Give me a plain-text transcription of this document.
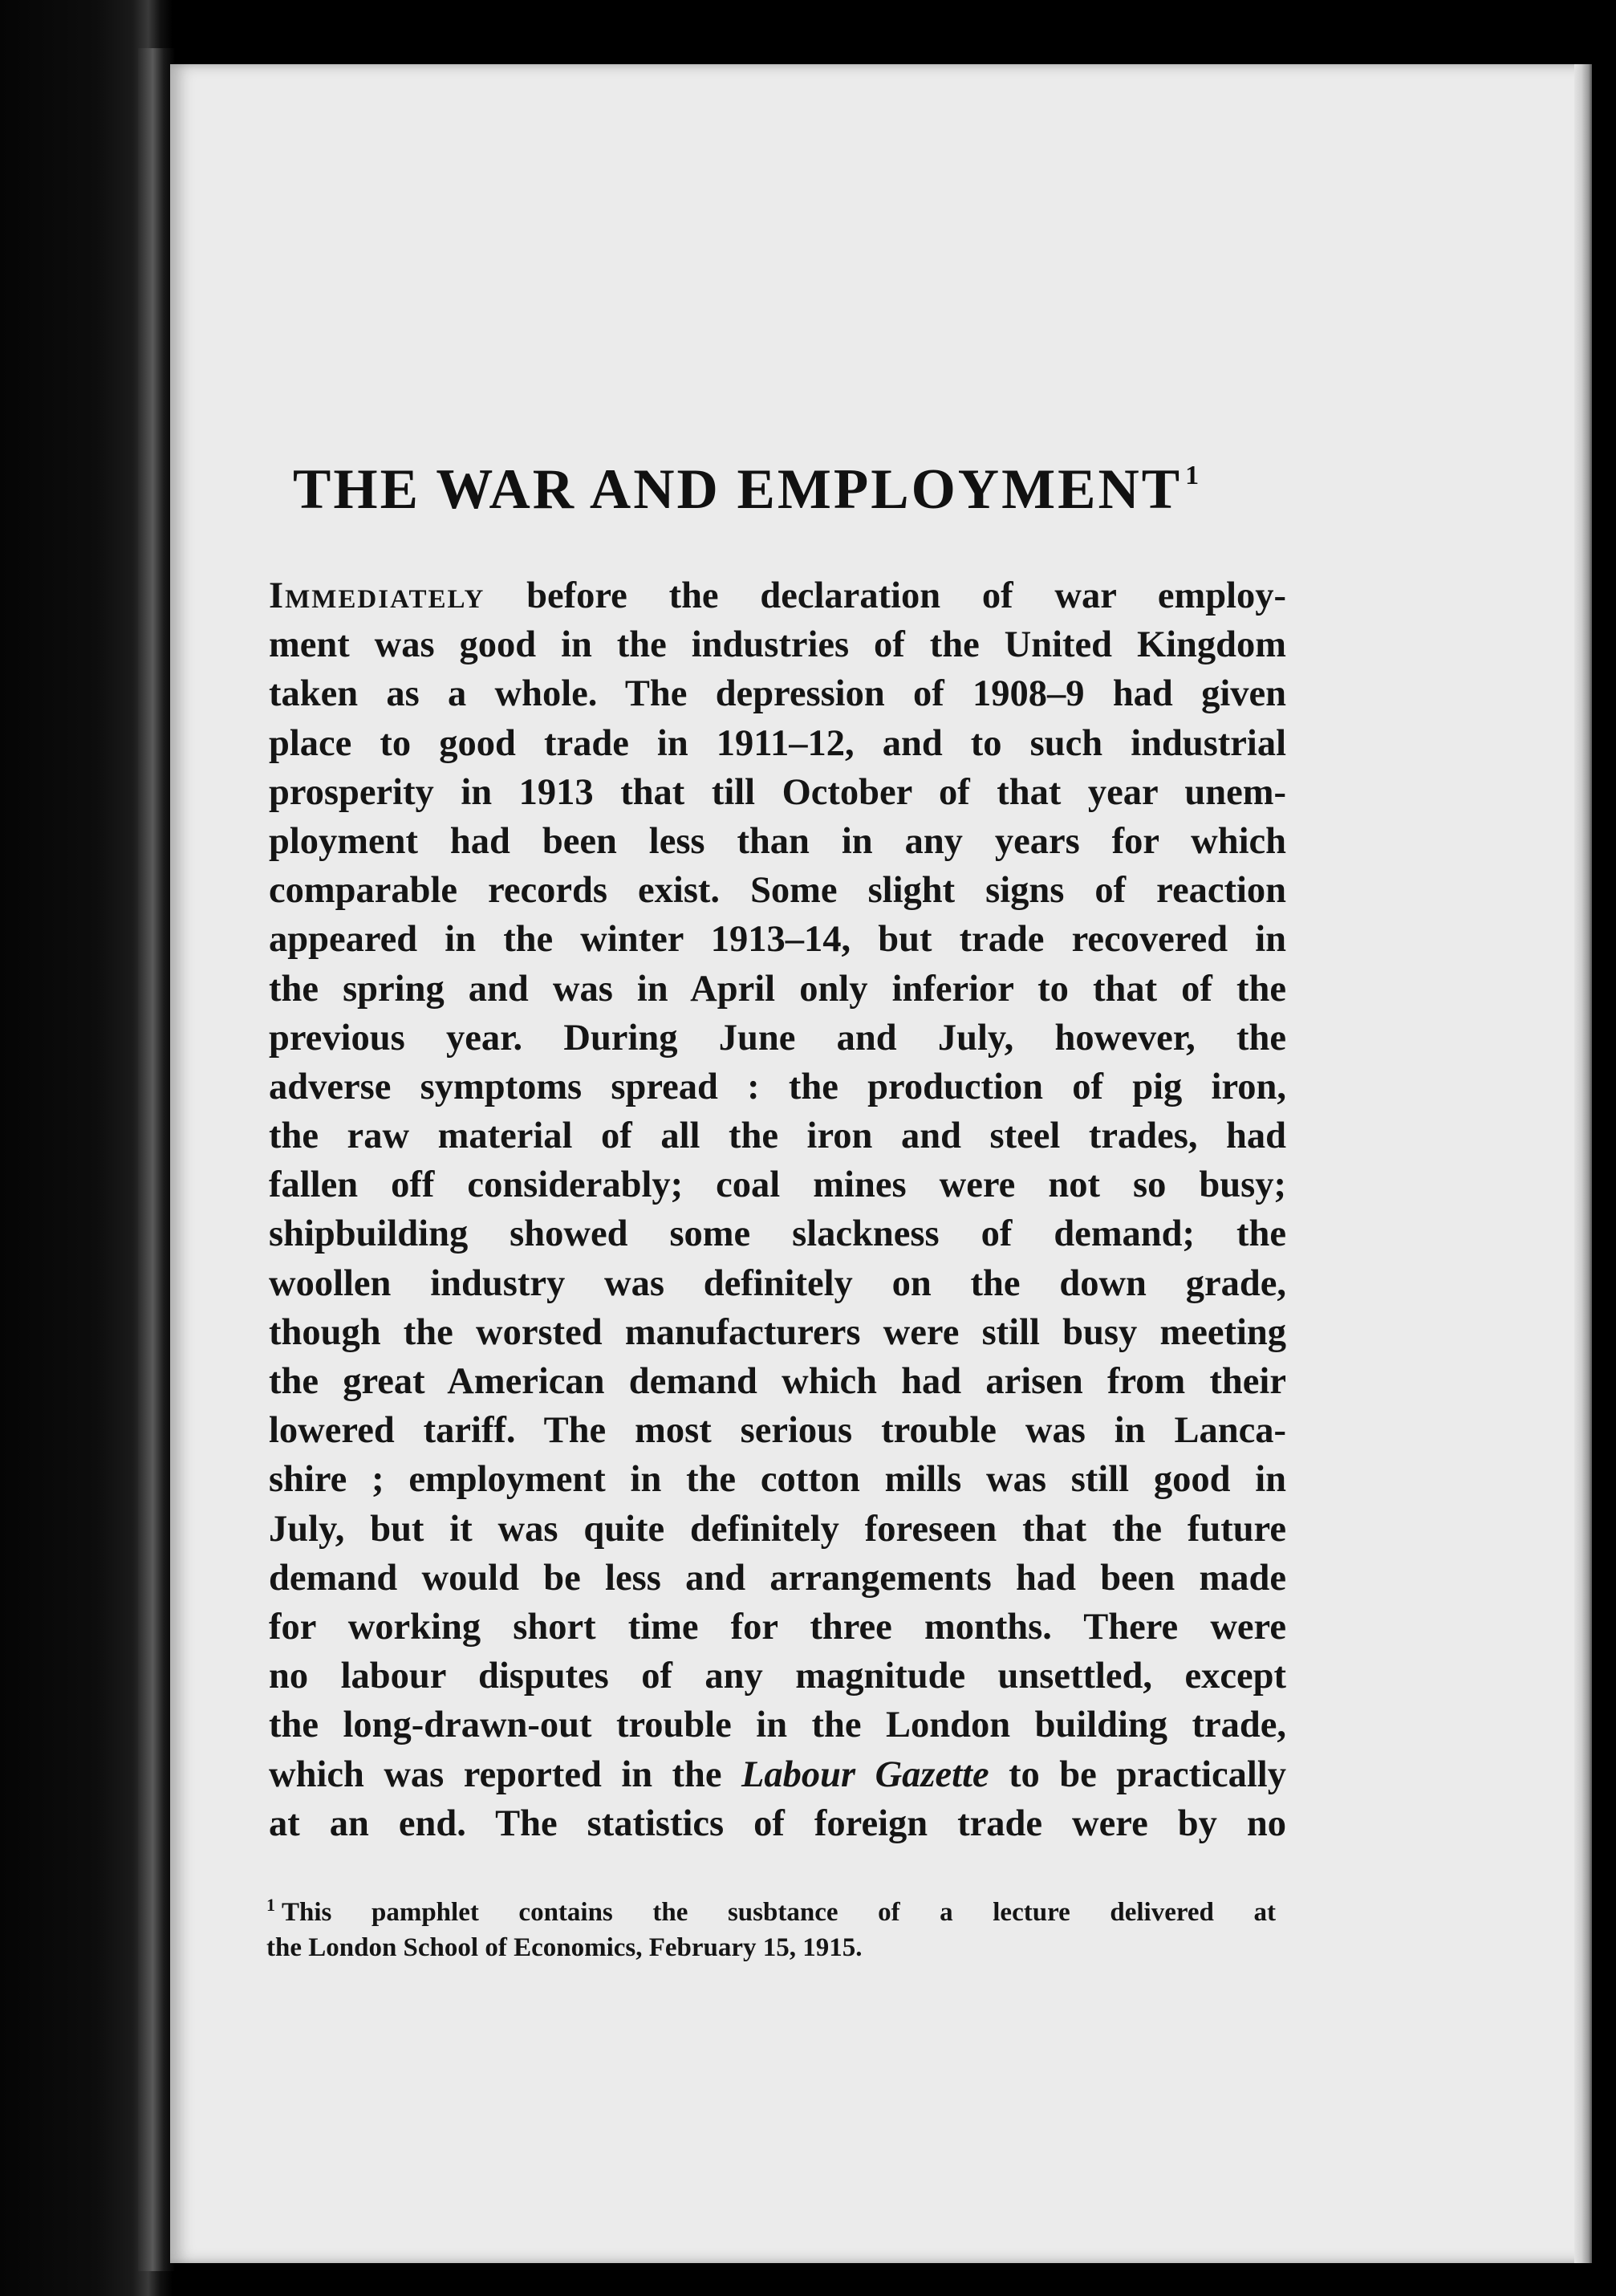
THE WAR AND EMPLOYMENT $^1$
Immediately before the declaration of war employ-
ment was good in the industries of the United Kingdom
taken as a whole. The depression of 1908–9 had given
place to good trade in 1911–12, and to such industrial
prosperity in 1913 that till October of that year unem-
ployment had been less than in any years for which
comparable records exist. Some slight signs of reaction
appeared in the winter 1913–14, but trade recovered in
the spring and was in April only inferior to that of the
previous year. During June and July, however, the
adverse symptoms spread : the production of pig iron,
the raw material of all the iron and steel trades, had
fallen off considerably; coal mines were not so busy;
shipbuilding showed some slackness of demand; the
woollen industry was definitely on the down grade,
though the worsted manufacturers were still busy meeting
the great American demand which had arisen from their
lowered tariff. The most serious trouble was in Lanca-
shire ; employment in the cotton mills was still good in
July, but it was quite definitely foreseen that the future
demand would be less and arrangements had been made
for working short time for three months. There were
no labour disputes of any magnitude unsettled, except
the long-drawn-out trouble in the London building trade,
which was reported in the Labour Gazette to be practically
at an end. The statistics of foreign trade were by no
$^1$ This pamphlet contains the susbtance of a lecture delivered at
the London School of Economics, February 15, 1915.
